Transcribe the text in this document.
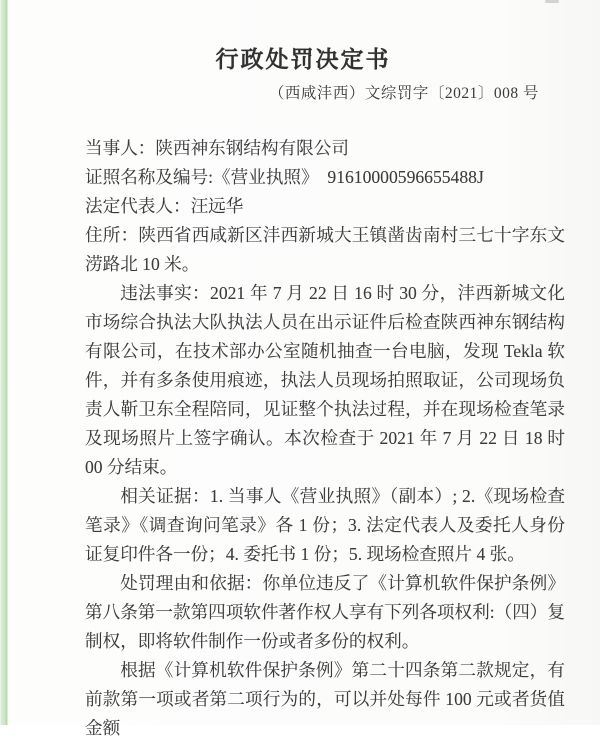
行政处罚决定书
（西咸沣西）文综罚字〔2021〕008 号
当事人：陕西神东钢结构有限公司
证照名称及编号:《营业执照》　91610000596655488J
法定代表人：汪远华
住所：陕西省西咸新区沣西新城大王镇凿齿南村三七十字东文涝路北 10 米。
违法事实：2021 年 7 月 22 日 16 时 30 分，沣西新城文化市场综合执法大队执法人员在出示证件后检查陕西神东钢结构有限公司，在技术部办公室随机抽查一台电脑，发现 Tekla 软件，并有多条使用痕迹，执法人员现场拍照取证，公司现场负责人靳卫东全程陪同，见证整个执法过程，并在现场检查笔录及现场照片上签字确认。本次检查于 2021 年 7 月 22 日 18 时 00 分结束。
相关证据：1. 当事人《营业执照》（副本）; 2.《现场检查笔录》《调查询问笔录》各 1 份；3. 法定代表人及委托人身份证复印件各一份；4. 委托书 1 份；5. 现场检查照片 4 张。
处罚理由和依据：你单位违反了《计算机软件保护条例》第八条第一款第四项软件著作权人享有下列各项权利:（四）复制权，即将软件制作一份或者多份的权利。
根据《计算机软件保护条例》第二十四条第二款规定，有前款第一项或者第二项行为的，可以并处每件 100 元或者货值金额
